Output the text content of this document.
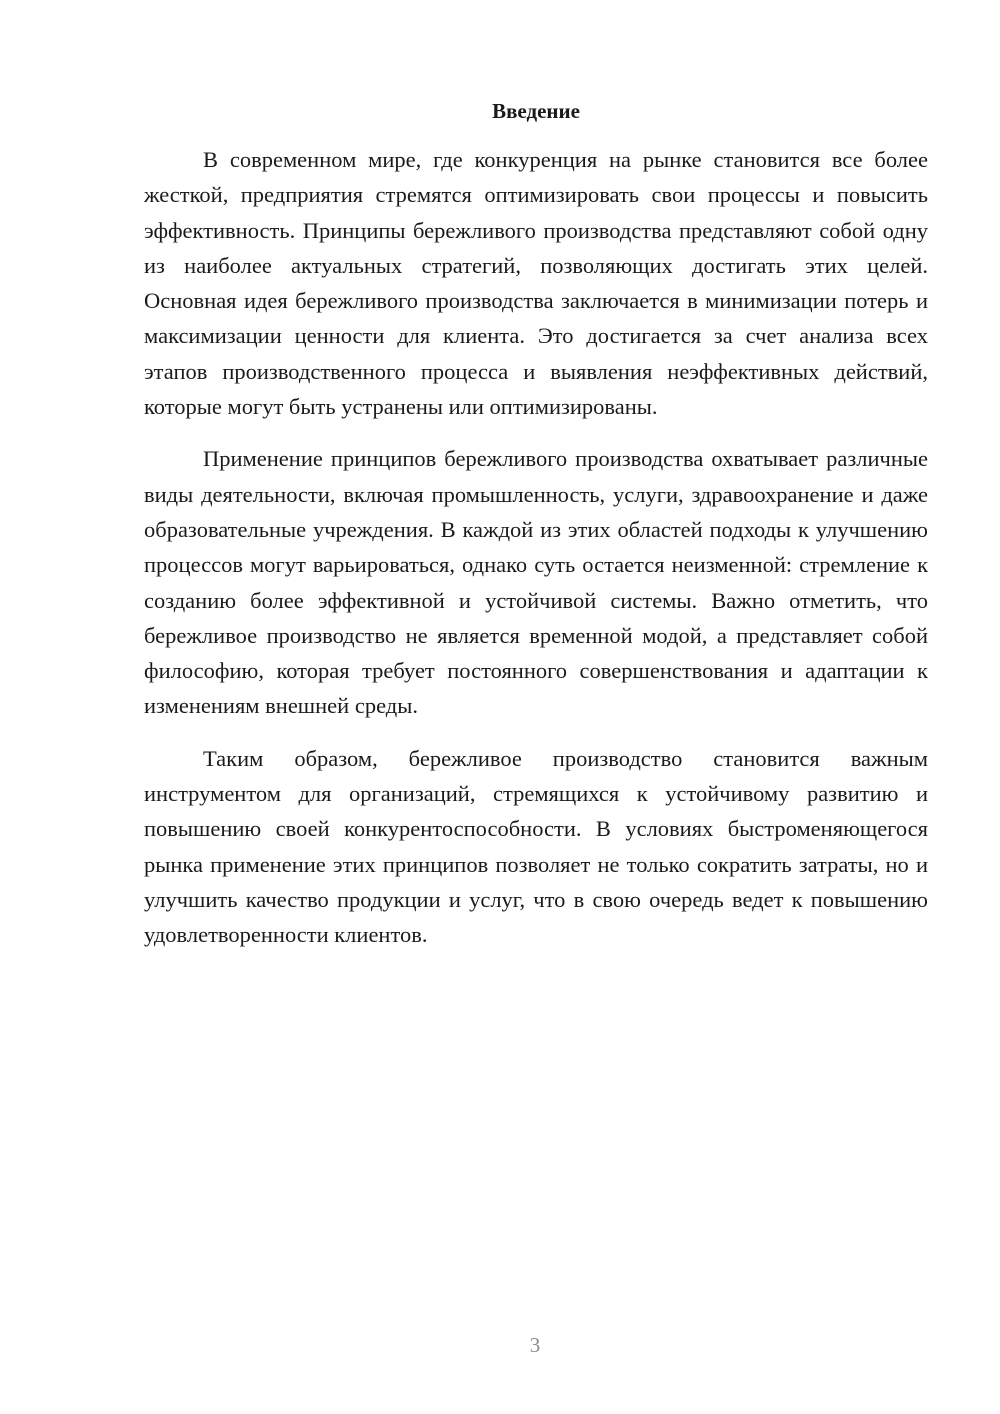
Введение

В современном мире, где конкуренция на рынке становится все более жесткой, предприятия стремятся оптимизировать свои процессы и повысить эффективность. Принципы бережливого производства представляют собой одну из наиболее актуальных стратегий, позволяющих достигать этих целей. Основная идея бережливого производства заключается в минимизации потерь и максимизации ценности для клиента. Это достигается за счет анализа всех этапов производственного процесса и выявления неэффективных действий, которые могут быть устранены или оптимизированы.

Применение принципов бережливого производства охватывает различные виды деятельности, включая промышленность, услуги, здравоохранение и даже образовательные учреждения. В каждой из этих областей подходы к улучшению процессов могут варьироваться, однако суть остается неизменной: стремление к созданию более эффективной и устойчивой системы. Важно отметить, что бережливое производство не является временной модой, а представляет собой философию, которая требует постоянного совершенствования и адаптации к изменениям внешней среды.

Таким образом, бережливое производство становится важным инструментом для организаций, стремящихся к устойчивому развитию и повышению своей конкурентоспособности. В условиях быстроменяющегося рынка применение этих принципов позволяет не только сократить затраты, но и улучшить качество продукции и услуг, что в свою очередь ведет к повышению удовлетворенности клиентов.

3
